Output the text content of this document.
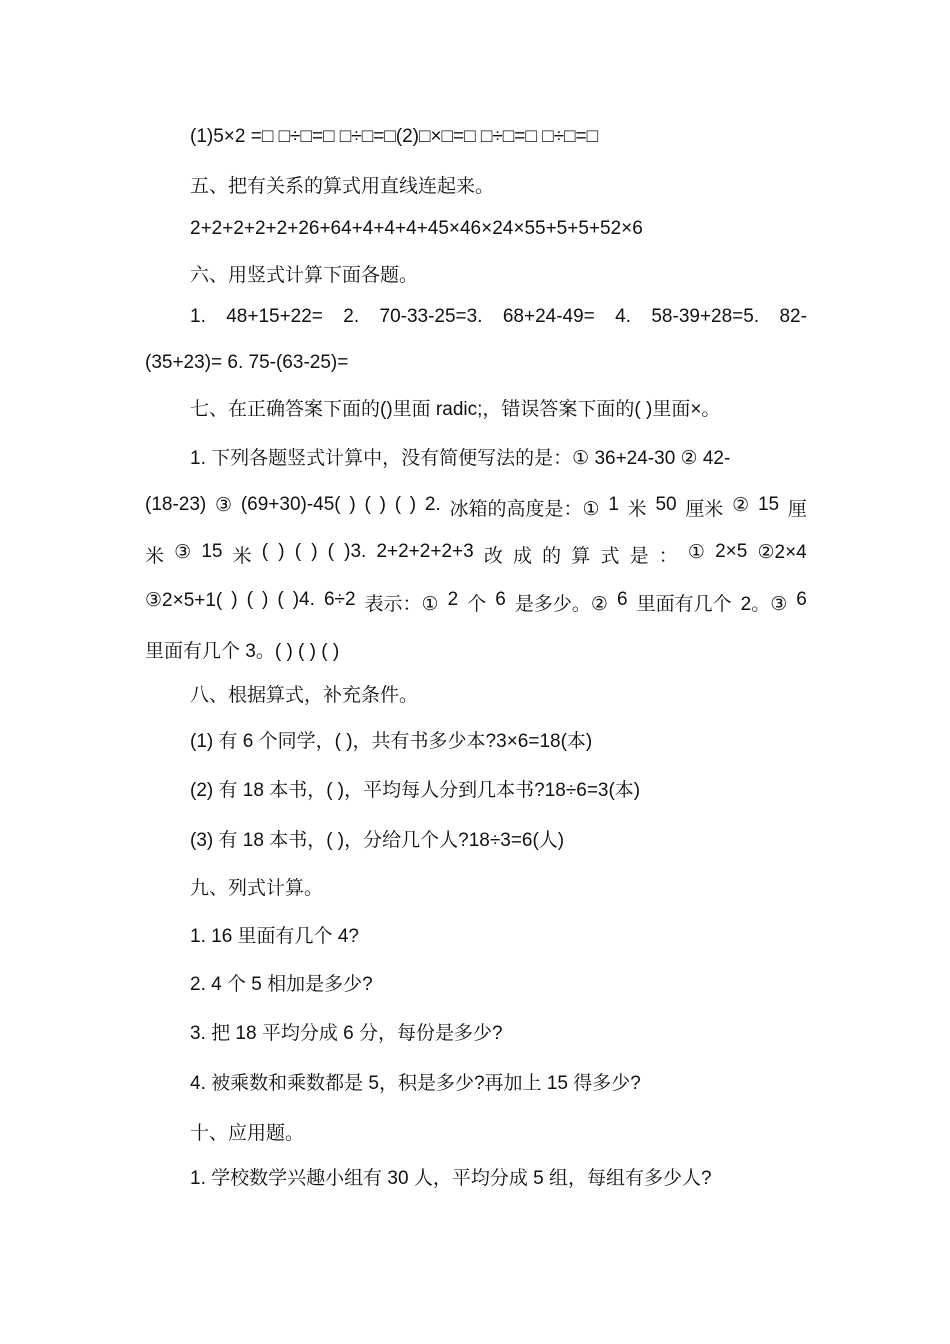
(1)5×2 =□ □÷□=□ □÷□=□(2)□×□=□ □÷□=□ □÷□=□
五、把有关系的算式用直线连起来。
2+2+2+2+2+26+64+4+4+4+45×46×24×55+5+5+52×6
六、用竖式计算下面各题。
1. 48+15+22= 2. 70-33-25=3. 68+24-49= 4. 58-39+28=5. 82-
(35+23)= 6. 75-(63-25)=
七、在正确答案下面的()里面 radic;，错误答案下面的( )里面×。
1. 下列各题竖式计算中，没有简便写法的是：① 36+24-30 ② 42-
(18-23) ③ (69+30)-45( ) ( ) ( ) 2. 冰箱的高度是：① 1 米 50 厘米 ② 15 厘
米 ③ 15 米 ( ) ( ) ( )3. 2+2+2+2+3 改 成 的 算 式 是 ： ① 2×5 ②2×4
③2×5+1( ) ( ) ( )4. 6÷2 表示：① 2 个 6 是多少。② 6 里面有几个 2。③ 6
里面有几个 3。( ) ( ) ( )
八、根据算式，补充条件。
(1) 有 6 个同学，( )，共有书多少本?3×6=18(本)
(2) 有 18 本书，( )，平均每人分到几本书?18÷6=3(本)
(3) 有 18 本书，( )，分给几个人?18÷3=6(人)
九、列式计算。
1. 16 里面有几个 4?
2. 4 个 5 相加是多少?
3. 把 18 平均分成 6 分，每份是多少?
4. 被乘数和乘数都是 5，积是多少?再加上 15 得多少?
十、应用题。
1. 学校数学兴趣小组有 30 人，平均分成 5 组，每组有多少人?
